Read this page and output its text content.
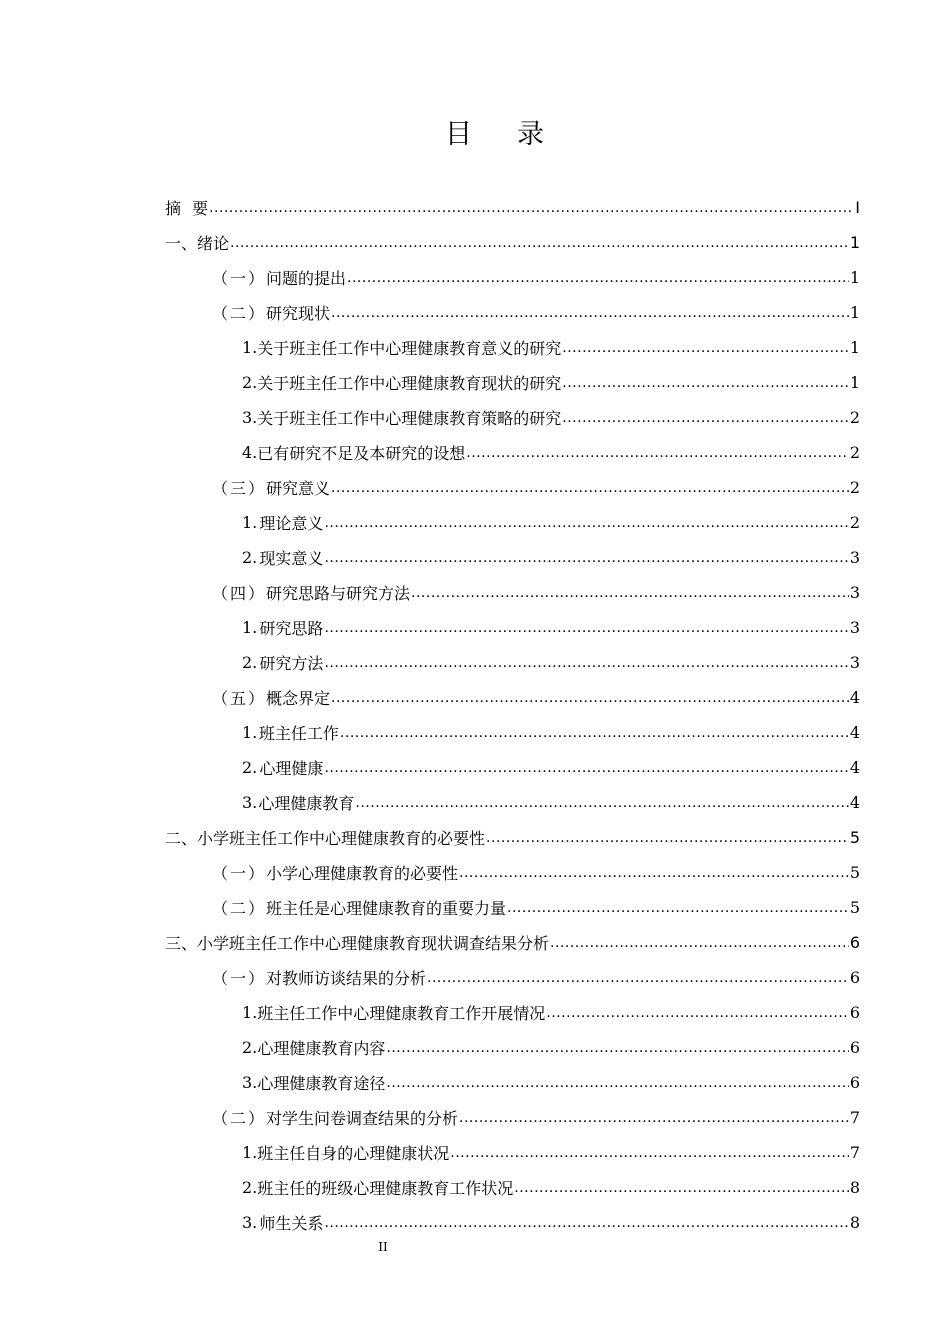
目 录
摘 要 .....	I
一、 绪论 .....	1
（一） 问题的提出 .....	1
（二） 研究现状 .....	1
1. 关于班主任工作中心理健康教育意义的研究 .....	1
2. 关于班主任工作中心理健康教育现状的研究 .....	1
3. 关于班主任工作中心理健康教育策略的研究 .....	2
4. 已有研究不足及本研究的设想 .....	2
（三） 研究意义 .....	2
1. 理论意义 .....	2
2. 现实意义 .....	3
（四） 研究思路与研究方法 .....	3
1. 研究思路 .....	3
2. 研究方法 .....	3
（五） 概念界定 .....	4
1. 班主任工作 .....	4
2. 心理健康 .....	4
3. 心理健康教育 .....	4
二、 小学班主任工作中心理健康教育的必要性 .....	5
（一） 小学心理健康教育的必要性 .....	5
（二） 班主任是心理健康教育的重要力量 .....	5
三、 小学班主任工作中心理健康教育现状调查结果分析 .....	6
（一） 对教师访谈结果的分析 .....	6
1. 班主任工作中心理健康教育工作开展情况 .....	6
2. 心理健康教育内容 .....	6
3. 心理健康教育途径 .....	6
（二） 对学生问卷调查结果的分析 .....	7
1. 班主任自身的心理健康状况 .....	7
2. 班主任的班级心理健康教育工作状况 .....	8
3. 师生关系 .....	8
II
